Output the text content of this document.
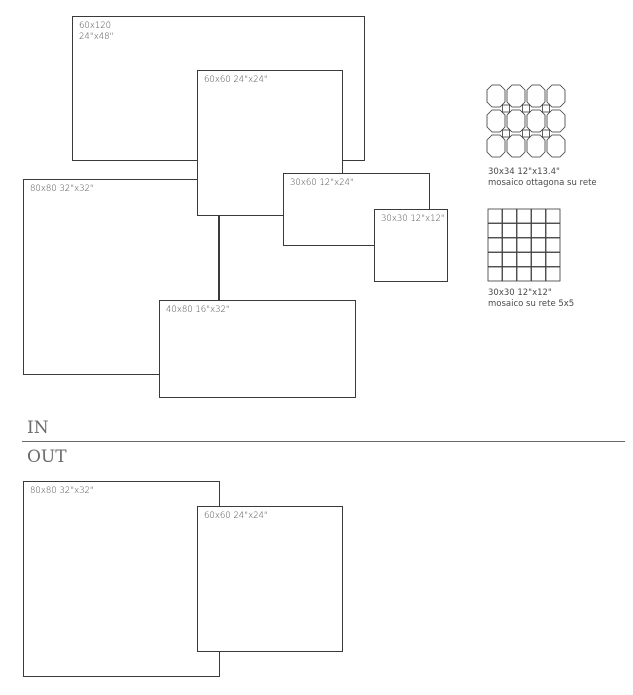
60x120
24"x48"
80x80 32"x32"
60x60 24"x24"
30x60 12"x24"
30x30 12"x12"
40x80 16"x32"
30x34 12"x13.4"
mosaico ottagona su rete
30x30 12"x12"
mosaico su rete 5x5
IN
OUT
80x80 32"x32"
60x60 24"x24"
